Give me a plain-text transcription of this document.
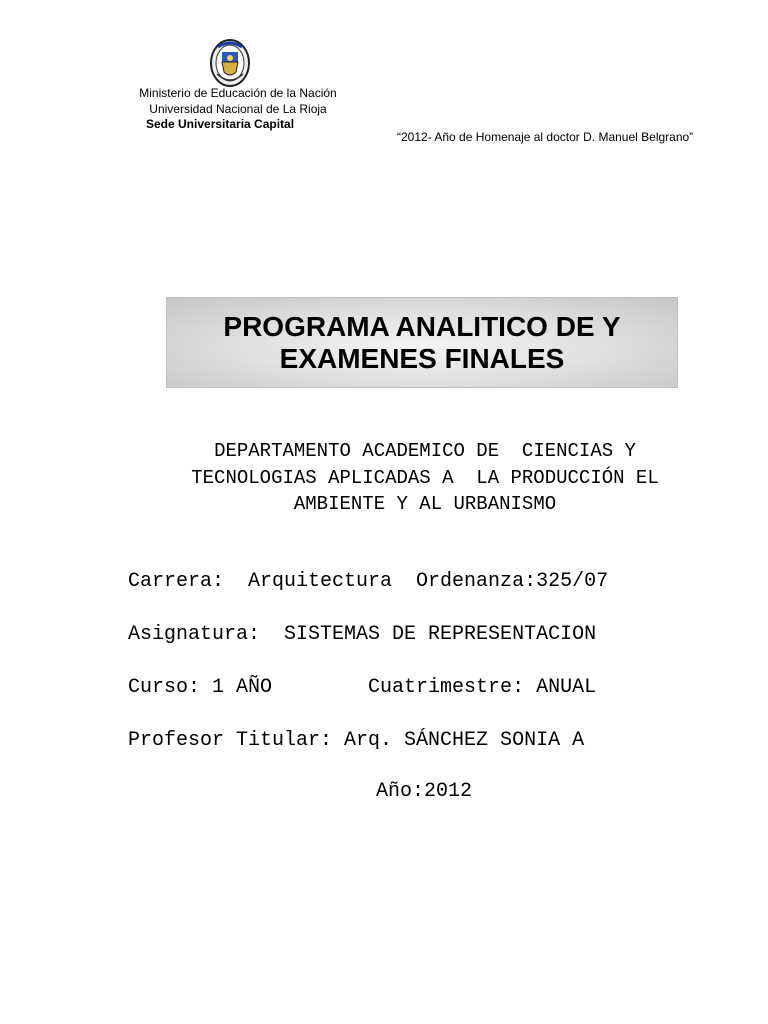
Ministerio de Educación de la Nación
Universidad Nacional de La Rioja
Sede Universitaria Capital
“2012- Año de Homenaje al doctor D. Manuel Belgrano”
PROGRAMA ANALITICO DE Y
EXAMENES FINALES
DEPARTAMENTO ACADEMICO DE  CIENCIAS Y
TECNOLOGIAS APLICADAS A  LA PRODUCCIÓN EL
AMBIENTE Y AL URBANISMO
Carrera:  Arquitectura  Ordenanza:325/07
Asignatura:  SISTEMAS DE REPRESENTACION
Curso: 1 AÑO        Cuatrimestre: ANUAL
Profesor Titular: Arq. SÁNCHEZ SONIA A
Año:2012
